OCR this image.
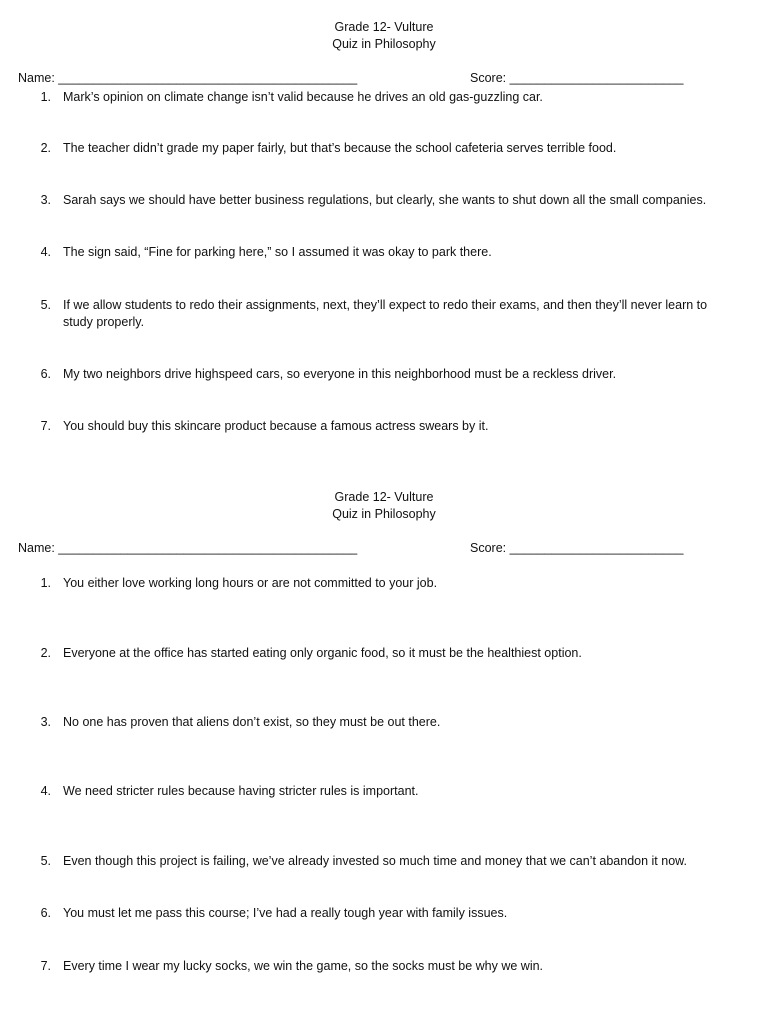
Grade 12- Vulture
Quiz in Philosophy
Name: ___________________________________________	Score: _________________________
1. Mark’s opinion on climate change isn’t valid because he drives an old gas-guzzling car.
2. The teacher didn’t grade my paper fairly, but that’s because the school cafeteria serves terrible food.
3. Sarah says we should have better business regulations, but clearly, she wants to shut down all the small companies.
4. The sign said, “Fine for parking here,” so I assumed it was okay to park there.
5. If we allow students to redo their assignments, next, they’ll expect to redo their exams, and then they’ll never learn to study properly.
6. My two neighbors drive highspeed cars, so everyone in this neighborhood must be a reckless driver.
7. You should buy this skincare product because a famous actress swears by it.
Grade 12- Vulture
Quiz in Philosophy
Name: ___________________________________________	Score: _________________________
1. You either love working long hours or are not committed to your job.
2. Everyone at the office has started eating only organic food, so it must be the healthiest option.
3. No one has proven that aliens don’t exist, so they must be out there.
4. We need stricter rules because having stricter rules is important.
5. Even though this project is failing, we’ve already invested so much time and money that we can’t abandon it now.
6. You must let me pass this course; I’ve had a really tough year with family issues.
7. Every time I wear my lucky socks, we win the game, so the socks must be why we win.
